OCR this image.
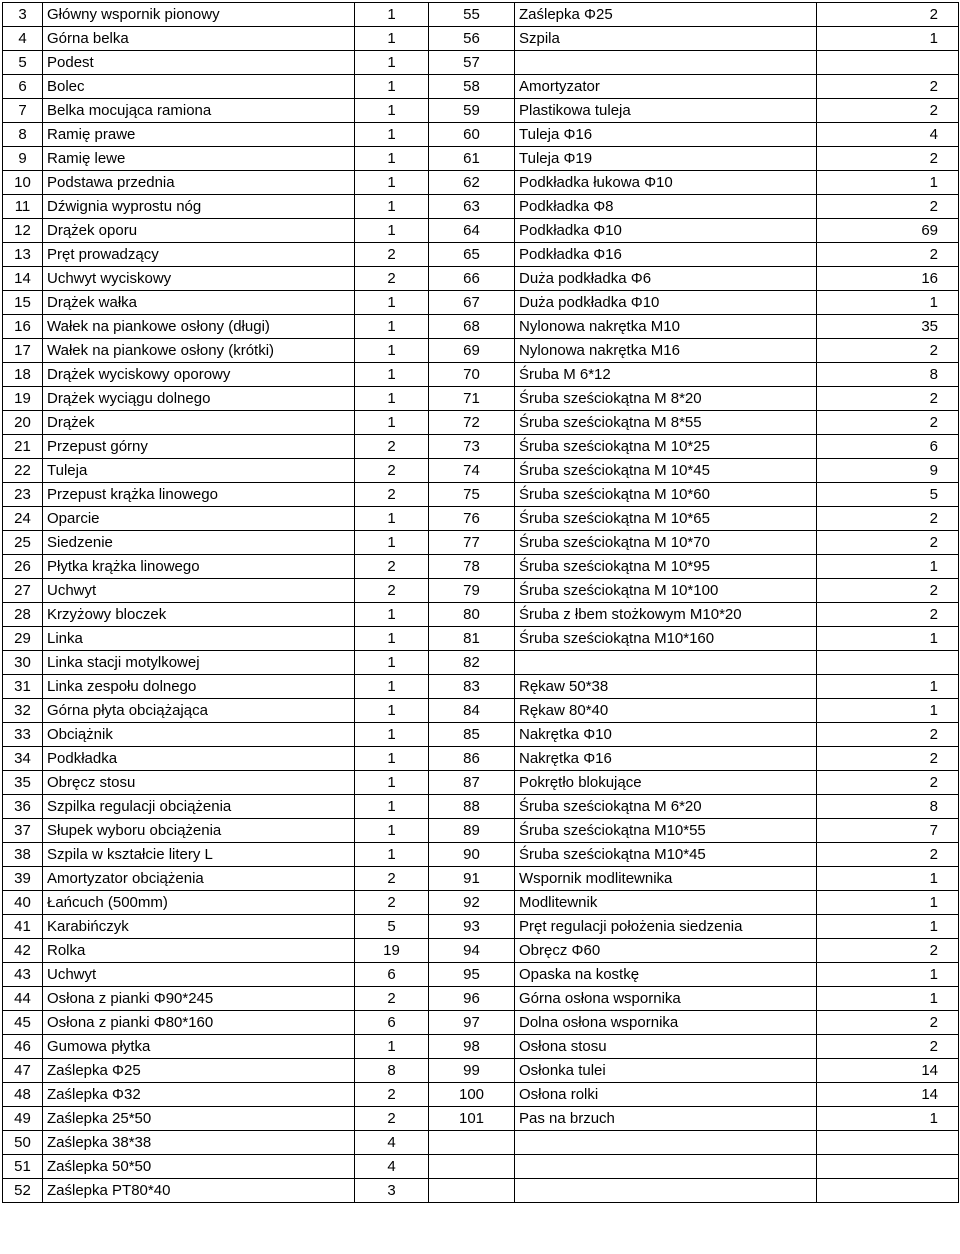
3	Główny wspornik pionowy	1	55	Zaślepka Φ25	2
4	Górna belka	1	56	Szpila	1
5	Podest	1	57		
6	Bolec	1	58	Amortyzator	2
7	Belka mocująca ramiona	1	59	Plastikowa tuleja	2
8	Ramię prawe	1	60	Tuleja Φ16	4
9	Ramię lewe	1	61	Tuleja Φ19	2
10	Podstawa przednia	1	62	Podkładka łukowa Φ10	1
11	Dźwignia wyprostu nóg	1	63	Podkładka Φ8	2
12	Drążek oporu	1	64	Podkładka Φ10	69
13	Pręt prowadzący	2	65	Podkładka Φ16	2
14	Uchwyt wyciskowy	2	66	Duża podkładka Φ6	16
15	Drążek wałka	1	67	Duża podkładka Φ10	1
16	Wałek na piankowe osłony (długi)	1	68	Nylonowa nakrętka M10	35
17	Wałek na piankowe osłony (krótki)	1	69	Nylonowa nakrętka M16	2
18	Drążek wyciskowy oporowy	1	70	Śruba M 6*12	8
19	Drążek wyciągu dolnego	1	71	Śruba sześciokątna M 8*20	2
20	Drążek	1	72	Śruba sześciokątna M 8*55	2
21	Przepust górny	2	73	Śruba sześciokątna M 10*25	6
22	Tuleja	2	74	Śruba sześciokątna M 10*45	9
23	Przepust krążka linowego	2	75	Śruba sześciokątna M 10*60	5
24	Oparcie	1	76	Śruba sześciokątna M 10*65	2
25	Siedzenie	1	77	Śruba sześciokątna M 10*70	2
26	Płytka krążka linowego	2	78	Śruba sześciokątna M 10*95	1
27	Uchwyt	2	79	Śruba sześciokątna M 10*100	2
28	Krzyżowy bloczek	1	80	Śruba z łbem stożkowym M10*20	2
29	Linka	1	81	Śruba sześciokątna M10*160	1
30	Linka stacji motylkowej	1	82		
31	Linka zespołu dolnego	1	83	Rękaw 50*38	1
32	Górna płyta obciążająca	1	84	Rękaw 80*40	1
33	Obciążnik	1	85	Nakrętka Φ10	2
34	Podkładka	1	86	Nakrętka Φ16	2
35	Obręcz stosu	1	87	Pokrętło blokujące	2
36	Szpilka regulacji obciążenia	1	88	Śruba sześciokątna M 6*20	8
37	Słupek wyboru obciążenia	1	89	Śruba sześciokątna M10*55	7
38	Szpila w kształcie litery L	1	90	Śruba sześciokątna M10*45	2
39	Amortyzator obciążenia	2	91	Wspornik modlitewnika	1
40	Łańcuch (500mm)	2	92	Modlitewnik	1
41	Karabińczyk	5	93	Pręt regulacji położenia siedzenia	1
42	Rolka	19	94	Obręcz Φ60	2
43	Uchwyt	6	95	Opaska na kostkę	1
44	Osłona z pianki Φ90*245	2	96	Górna osłona wspornika	1
45	Osłona z pianki Φ80*160	6	97	Dolna osłona wspornika	2
46	Gumowa płytka	1	98	Osłona stosu	2
47	Zaślepka Φ25	8	99	Osłonka tulei	14
48	Zaślepka Φ32	2	100	Osłona rolki	14
49	Zaślepka 25*50	2	101	Pas na brzuch	1
50	Zaślepka 38*38	4			
51	Zaślepka 50*50	4			
52	Zaślepka PT80*40	3			
